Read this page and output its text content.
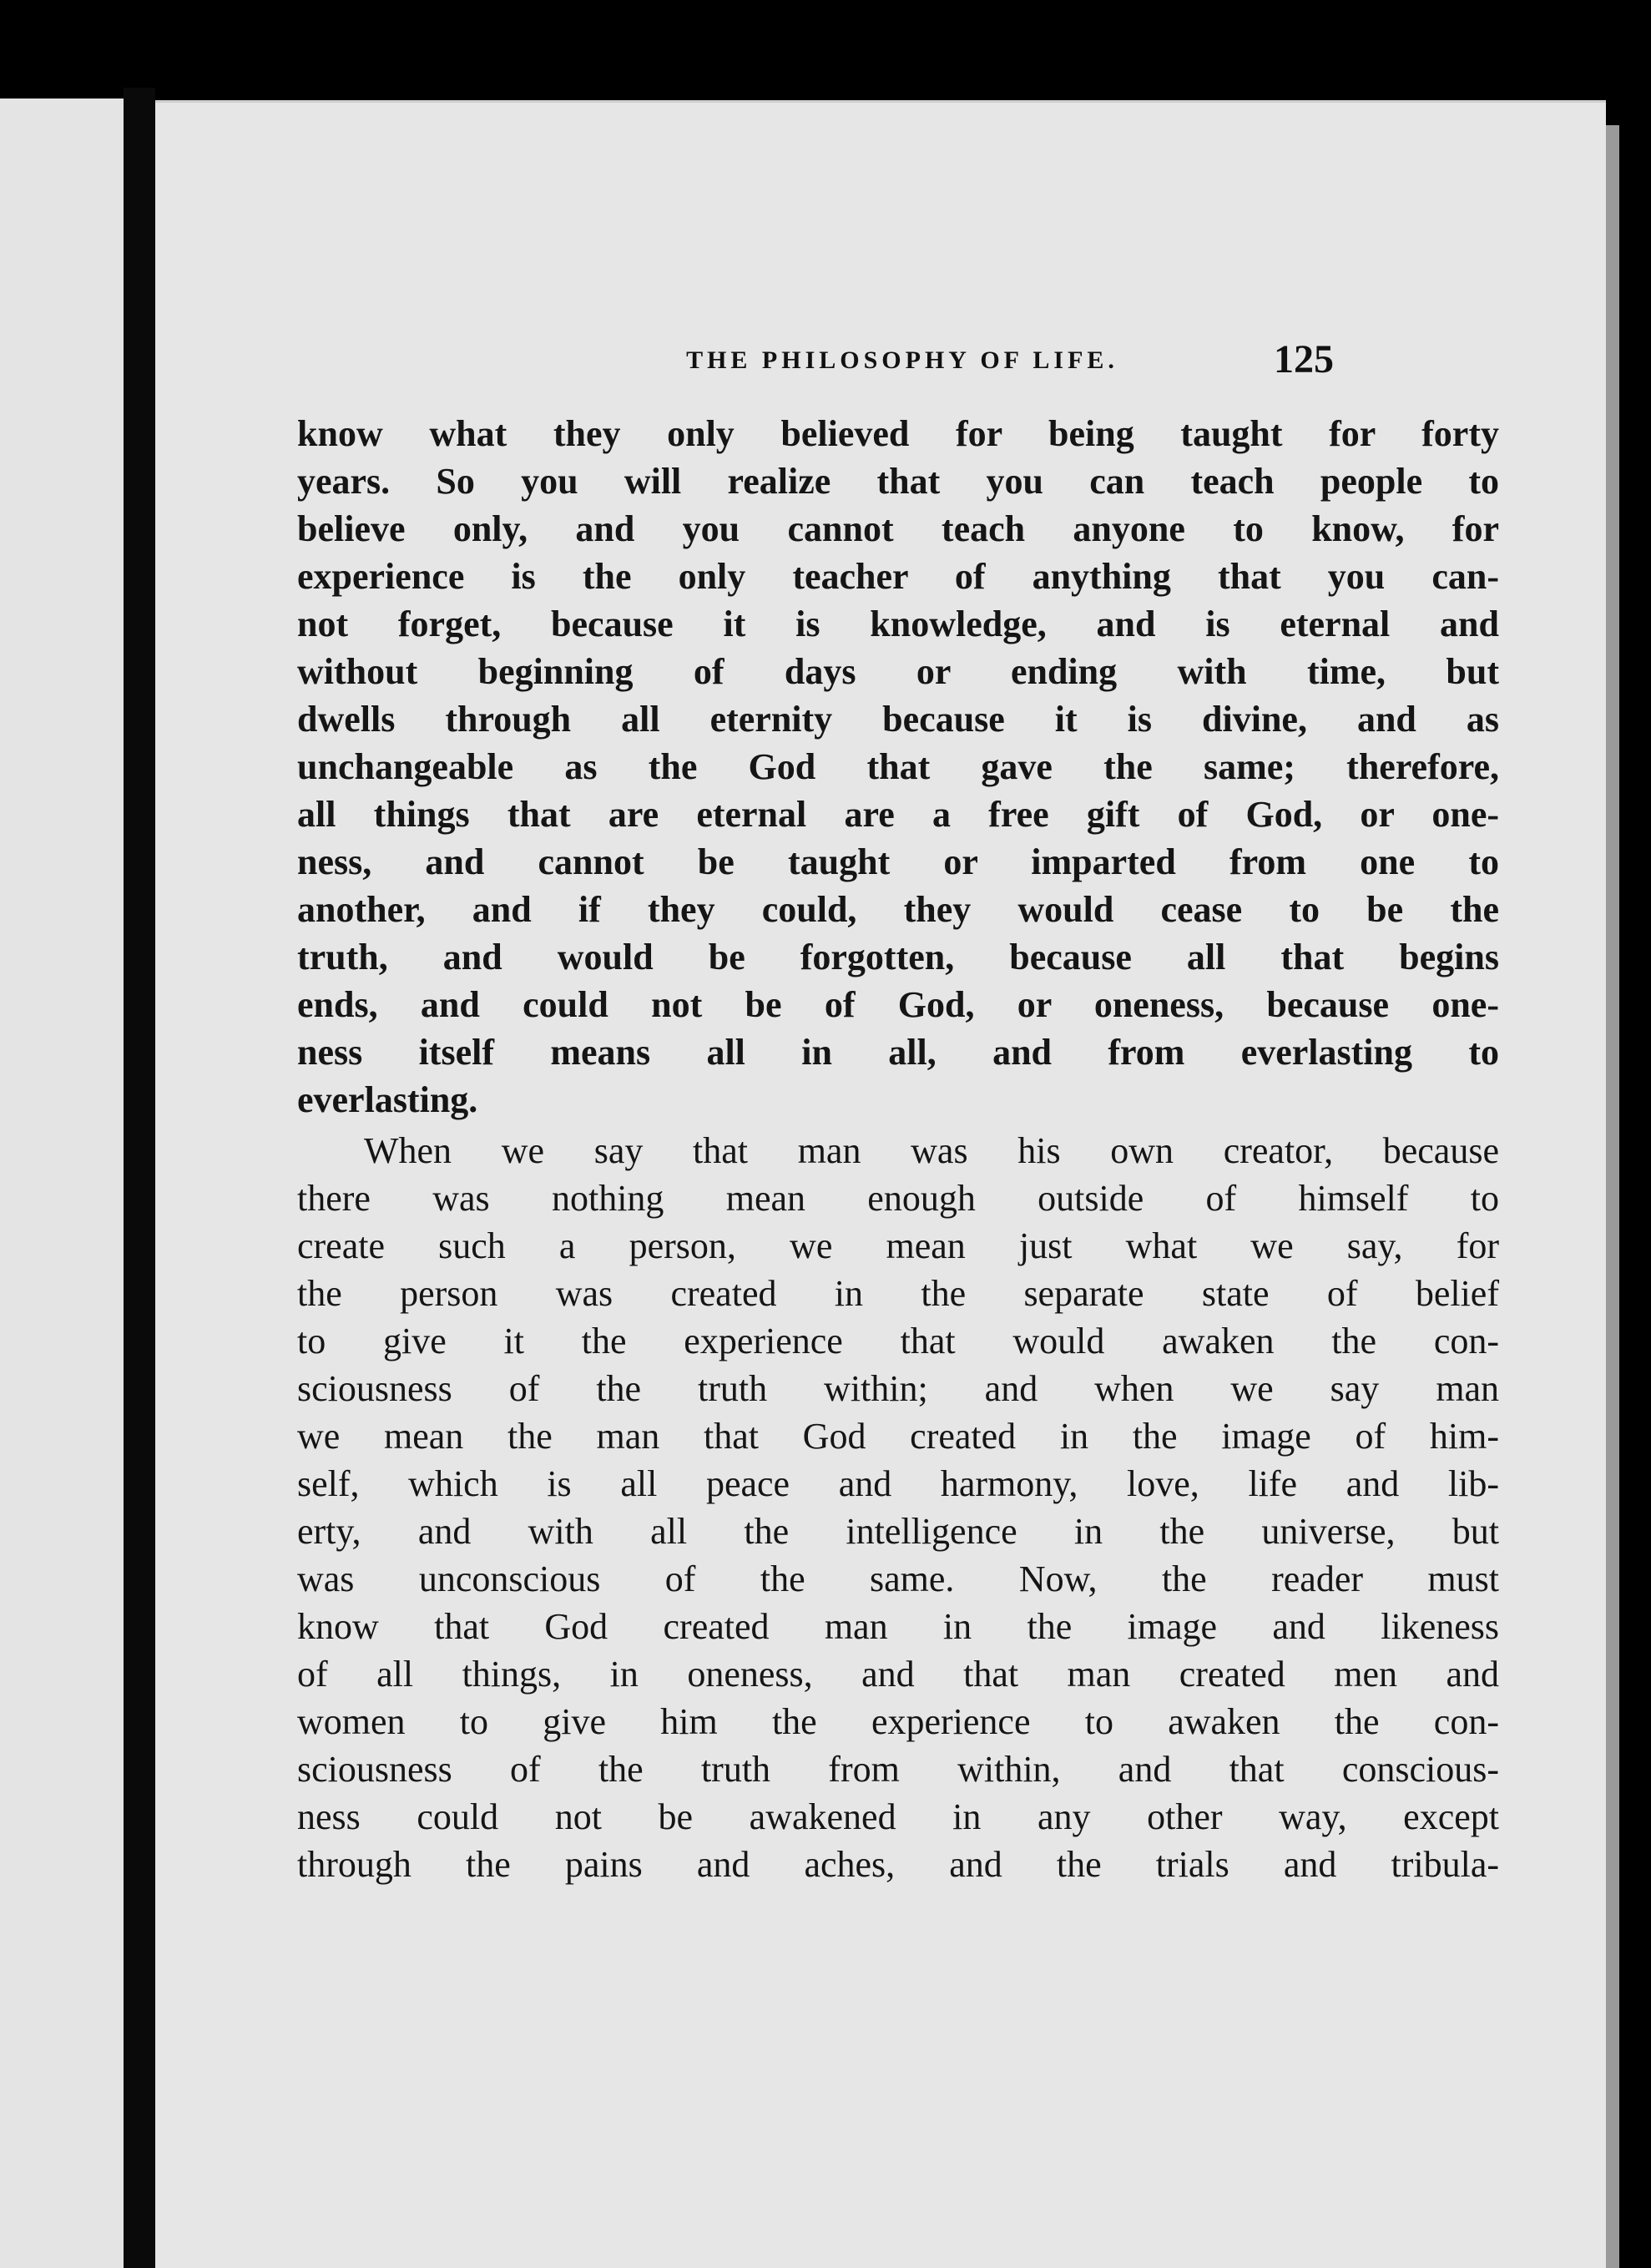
THE PHILOSOPHY OF LIFE.	125
know what they only believed for being taught for forty
years. So you will realize that you can teach people to
believe only, and you cannot teach anyone to know, for
experience is the only teacher of anything that you can-
not forget, because it is knowledge, and is eternal and
without beginning of days or ending with time, but
dwells through all eternity because it is divine, and as
unchangeable as the God that gave the same; therefore,
all things that are eternal are a free gift of God, or one-
ness, and cannot be taught or imparted from one to
another, and if they could, they would cease to be the
truth, and would be forgotten, because all that begins
ends, and could not be of God, or oneness, because one-
ness itself means all in all, and from everlasting to
everlasting.
When we say that man was his own creator, because
there was nothing mean enough outside of himself to
create such a person, we mean just what we say, for
the person was created in the separate state of belief
to give it the experience that would awaken the con-
sciousness of the truth within; and when we say man
we mean the man that God created in the image of him-
self, which is all peace and harmony, love, life and lib-
erty, and with all the intelligence in the universe, but
was unconscious of the same. Now, the reader must
know that God created man in the image and likeness
of all things, in oneness, and that man created men and
women to give him the experience to awaken the con-
sciousness of the truth from within, and that conscious-
ness could not be awakened in any other way, except
through the pains and aches, and the trials and tribula-
